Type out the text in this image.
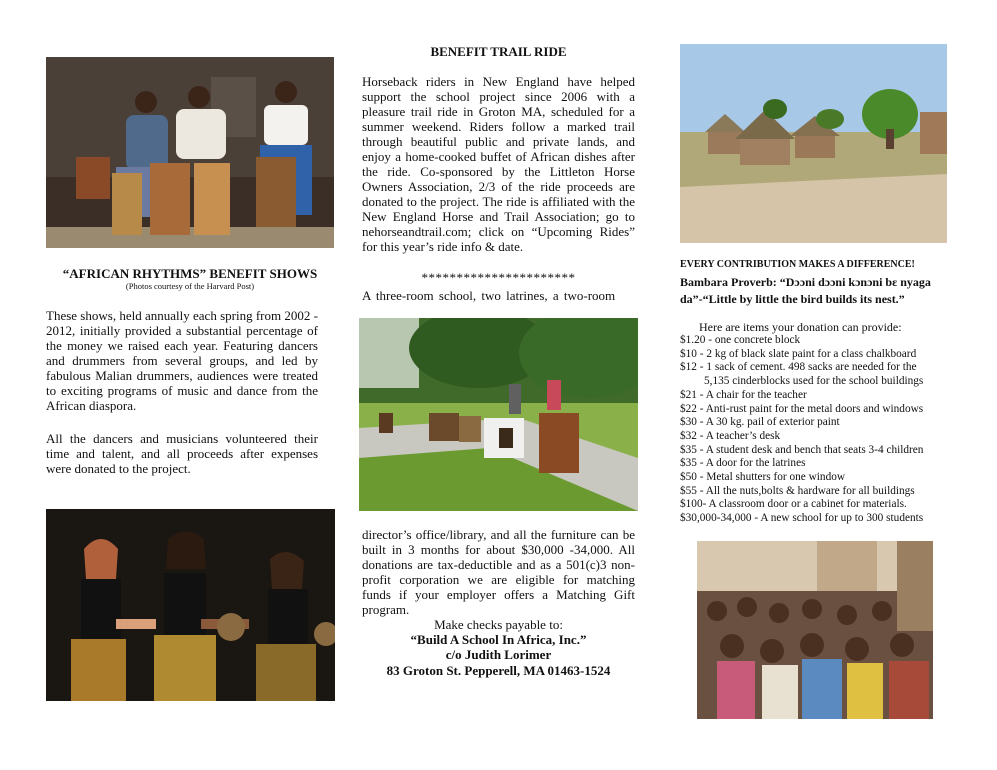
“AFRICAN RHYTHMS” BENEFIT SHOWS
(Photos courtesy of the Harvard Post)

These shows, held annually each spring from 2002 - 2012, initially provided a substantial percentage of the money we raised each year. Featuring dancers and drummers from several groups, and led by fabulous Malian drummers, audiences were treated to exciting programs of music and dance from the African diaspora.

All the dancers and musicians volunteered their time and talent, and all proceeds after expenses were donated to the project.

BENEFIT TRAIL RIDE

Horseback riders in New England have helped support the school project since 2006 with a pleasure trail ride in Groton MA, scheduled for a summer weekend. Riders follow a marked trail through beautiful public and private lands, and enjoy a home-cooked buffet of African dishes after the ride. Co-sponsored by the Littleton Horse Owners Association, 2/3 of the ride proceeds are donated to the project. The ride is affiliated with the New England Horse and Trail Association; go to nehorseandtrail.com; click on “Upcoming Rides” for this year’s ride info & date.

**********************

A three-room school, two latrines, a two-room

director’s office/library, and all the furniture can be built in 3 months for about $30,000 -34,000. All donations are tax-deductible and as a 501(c)3 non-profit corporation we are eligible for matching funds if your employer offers a Matching Gift program.

Make checks payable to:
“Build A School In Africa, Inc.”
c/o Judith Lorimer
83 Groton St. Pepperell, MA 01463-1524
EVERY CONTRIBUTION MAKES A DIFFERENCE!
Bambara Proverb: “Dɔɔni dɔɔni kɔnɔni bɛ nyaga da”-“Little by little the bird builds its nest.”
Here are items your donation can provide:
$1.20 - one concrete block
$10 - 2 kg of black slate paint for a class chalkboard
$12 - 1 sack of cement. 498 sacks are needed for the
5,135 cinderblocks used for the school buildings
$21 - A chair for the teacher
$22 - Anti-rust paint for the metal doors and windows
$30 - A 30 kg. pail of exterior paint
$32 - A teacher’s desk
$35 - A student desk and bench that seats 3-4 children
$35 - A door for the latrines
$50 - Metal shutters for one window
$55 - All the nuts,bolts & hardware for all buildings
$100- A classroom door or a cabinet for materials.
$30,000-34,000 - A new school for up to 300 students
